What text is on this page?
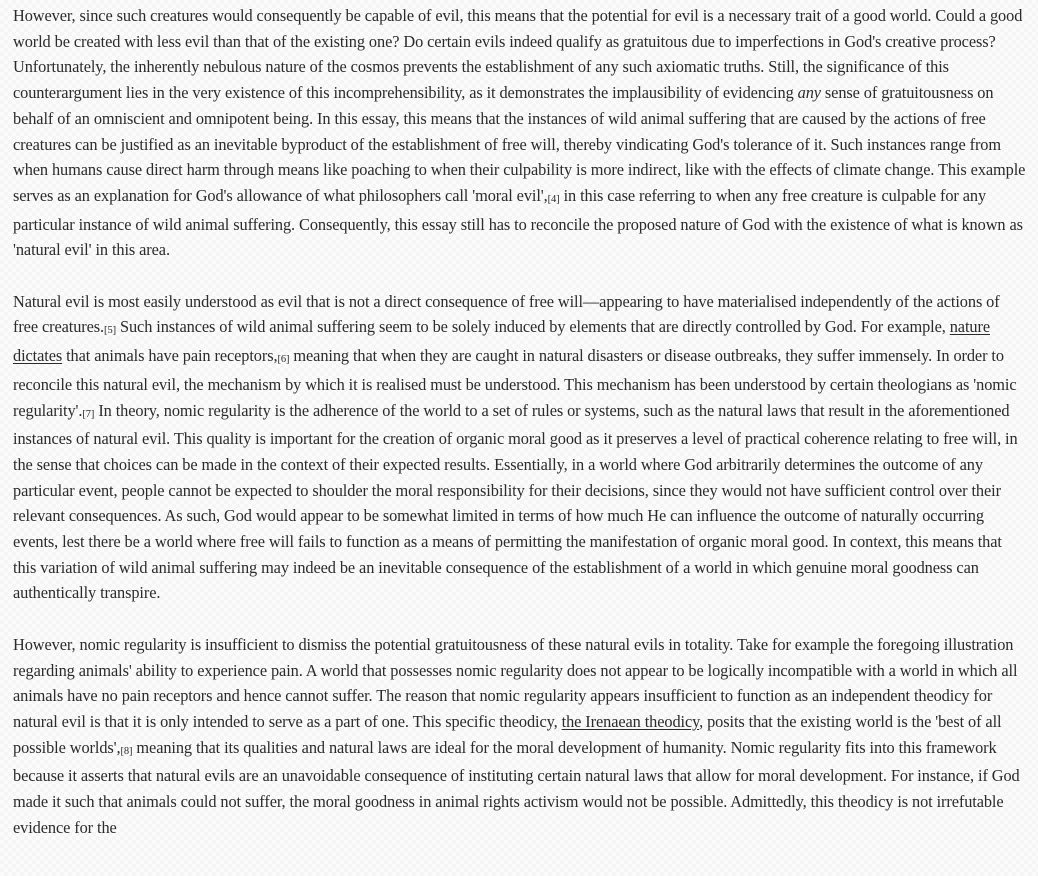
However, since such creatures would consequently be capable of evil, this means that the potential for evil is a necessary trait of a good world. Could a good world be created with less evil than that of the existing one? Do certain evils indeed qualify as gratuitous due to imperfections in God's creative process? Unfortunately, the inherently nebulous nature of the cosmos prevents the establishment of any such axiomatic truths. Still, the significance of this counterargument lies in the very existence of this incomprehensibility, as it demonstrates the implausibility of evidencing any sense of gratuitousness on behalf of an omniscient and omnipotent being. In this essay, this means that the instances of wild animal suffering that are caused by the actions of free creatures can be justified as an inevitable byproduct of the establishment of free will, thereby vindicating God's tolerance of it. Such instances range from when humans cause direct harm through means like poaching to when their culpability is more indirect, like with the effects of climate change. This example serves as an explanation for God's allowance of what philosophers call 'moral evil',[4] in this case referring to when any free creature is culpable for any particular instance of wild animal suffering. Consequently, this essay still has to reconcile the proposed nature of God with the existence of what is known as 'natural evil' in this area.

Natural evil is most easily understood as evil that is not a direct consequence of free will—appearing to have materialised independently of the actions of free creatures.[5] Such instances of wild animal suffering seem to be solely induced by elements that are directly controlled by God. For example, nature dictates that animals have pain receptors,[6] meaning that when they are caught in natural disasters or disease outbreaks, they suffer immensely. In order to reconcile this natural evil, the mechanism by which it is realised must be understood. This mechanism has been understood by certain theologians as 'nomic regularity'.[7] In theory, nomic regularity is the adherence of the world to a set of rules or systems, such as the natural laws that result in the aforementioned instances of natural evil. This quality is important for the creation of organic moral good as it preserves a level of practical coherence relating to free will, in the sense that choices can be made in the context of their expected results. Essentially, in a world where God arbitrarily determines the outcome of any particular event, people cannot be expected to shoulder the moral responsibility for their decisions, since they would not have sufficient control over their relevant consequences. As such, God would appear to be somewhat limited in terms of how much He can influence the outcome of naturally occurring events, lest there be a world where free will fails to function as a means of permitting the manifestation of organic moral good. In context, this means that this variation of wild animal suffering may indeed be an inevitable consequence of the establishment of a world in which genuine moral goodness can authentically transpire.

However, nomic regularity is insufficient to dismiss the potential gratuitousness of these natural evils in totality. Take for example the foregoing illustration regarding animals' ability to experience pain. A world that possesses nomic regularity does not appear to be logically incompatible with a world in which all animals have no pain receptors and hence cannot suffer. The reason that nomic regularity appears insufficient to function as an independent theodicy for natural evil is that it is only intended to serve as a part of one. This specific theodicy, the Irenaean theodicy, posits that the existing world is the 'best of all possible worlds',[8] meaning that its qualities and natural laws are ideal for the moral development of humanity. Nomic regularity fits into this framework because it asserts that natural evils are an unavoidable consequence of instituting certain natural laws that allow for moral development. For instance, if God made it such that animals could not suffer, the moral goodness in animal rights activism would not be possible. Admittedly, this theodicy is not irrefutable evidence for the
